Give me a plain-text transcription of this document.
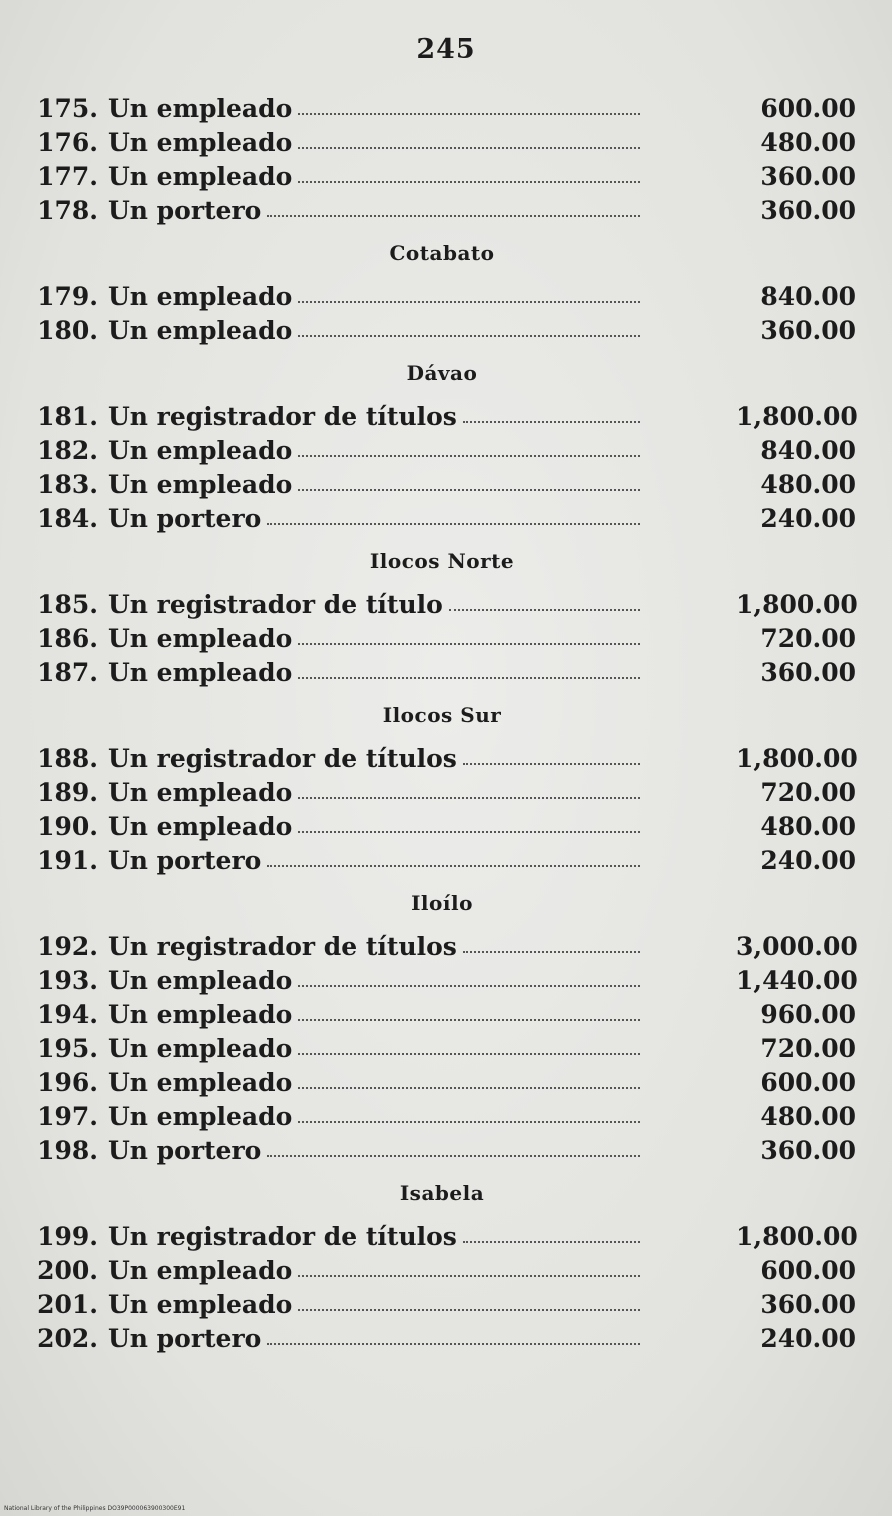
245
175. Un empleado	600.00
176. Un empleado	480.00
177. Un empleado	360.00
178. Un portero	360.00
Cotabato
179. Un empleado	840.00
180. Un empleado	360.00
Dávao
181. Un registrador de títulos	1,800.00
182. Un empleado	840.00
183. Un empleado	480.00
184. Un portero	240.00
Ilocos Norte
185. Un registrador de título	1,800.00
186. Un empleado	720.00
187. Un empleado	360.00
Ilocos Sur
188. Un registrador de títulos	1,800.00
189. Un empleado	720.00
190. Un empleado	480.00
191. Un portero	240.00
Iloílo
192. Un registrador de títulos	3,000.00
193. Un empleado	1,440.00
194. Un empleado	960.00
195. Un empleado	720.00
196. Un empleado	600.00
197. Un empleado	480.00
198. Un portero	360.00
Isabela
199. Un registrador de títulos	1,800.00
200. Un empleado	600.00
201. Un empleado	360.00
202. Un portero	240.00
National Library of the Philippines DO39P000063900300E91
